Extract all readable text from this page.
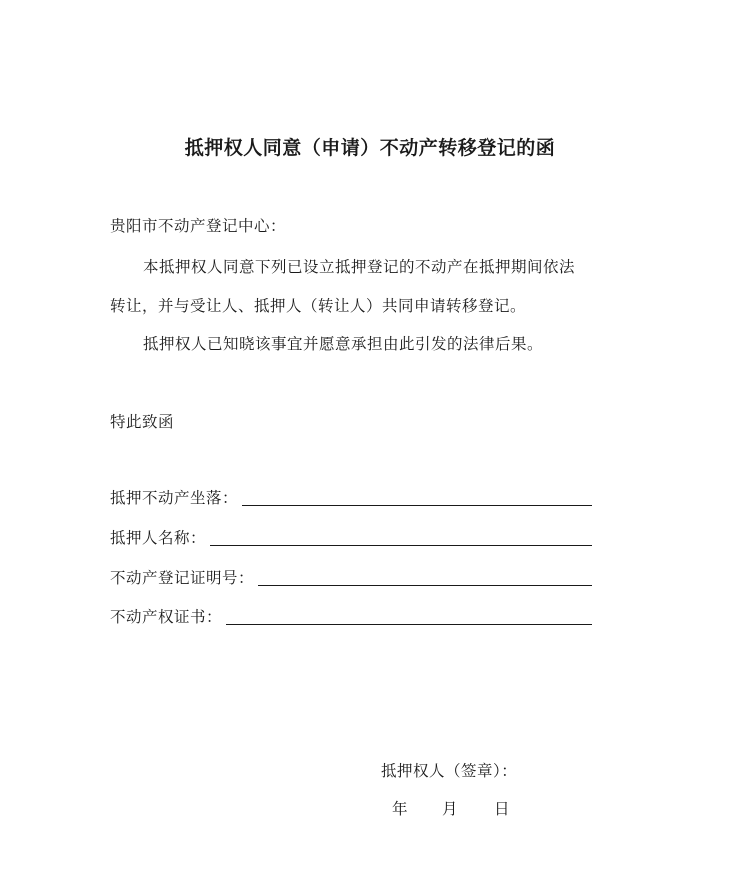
抵押权人同意（申请）不动产转移登记的函
贵阳市不动产登记中心：
本抵押权人同意下列已设立抵押登记的不动产在抵押期间依法
转让，并与受让人、抵押人（转让人）共同申请转移登记。
抵押权人已知晓该事宜并愿意承担由此引发的法律后果。
特此致函
抵押不动产坐落：
抵押人名称：
不动产登记证明号：
不动产权证书：
抵押权人（签章）：
年 月 日
